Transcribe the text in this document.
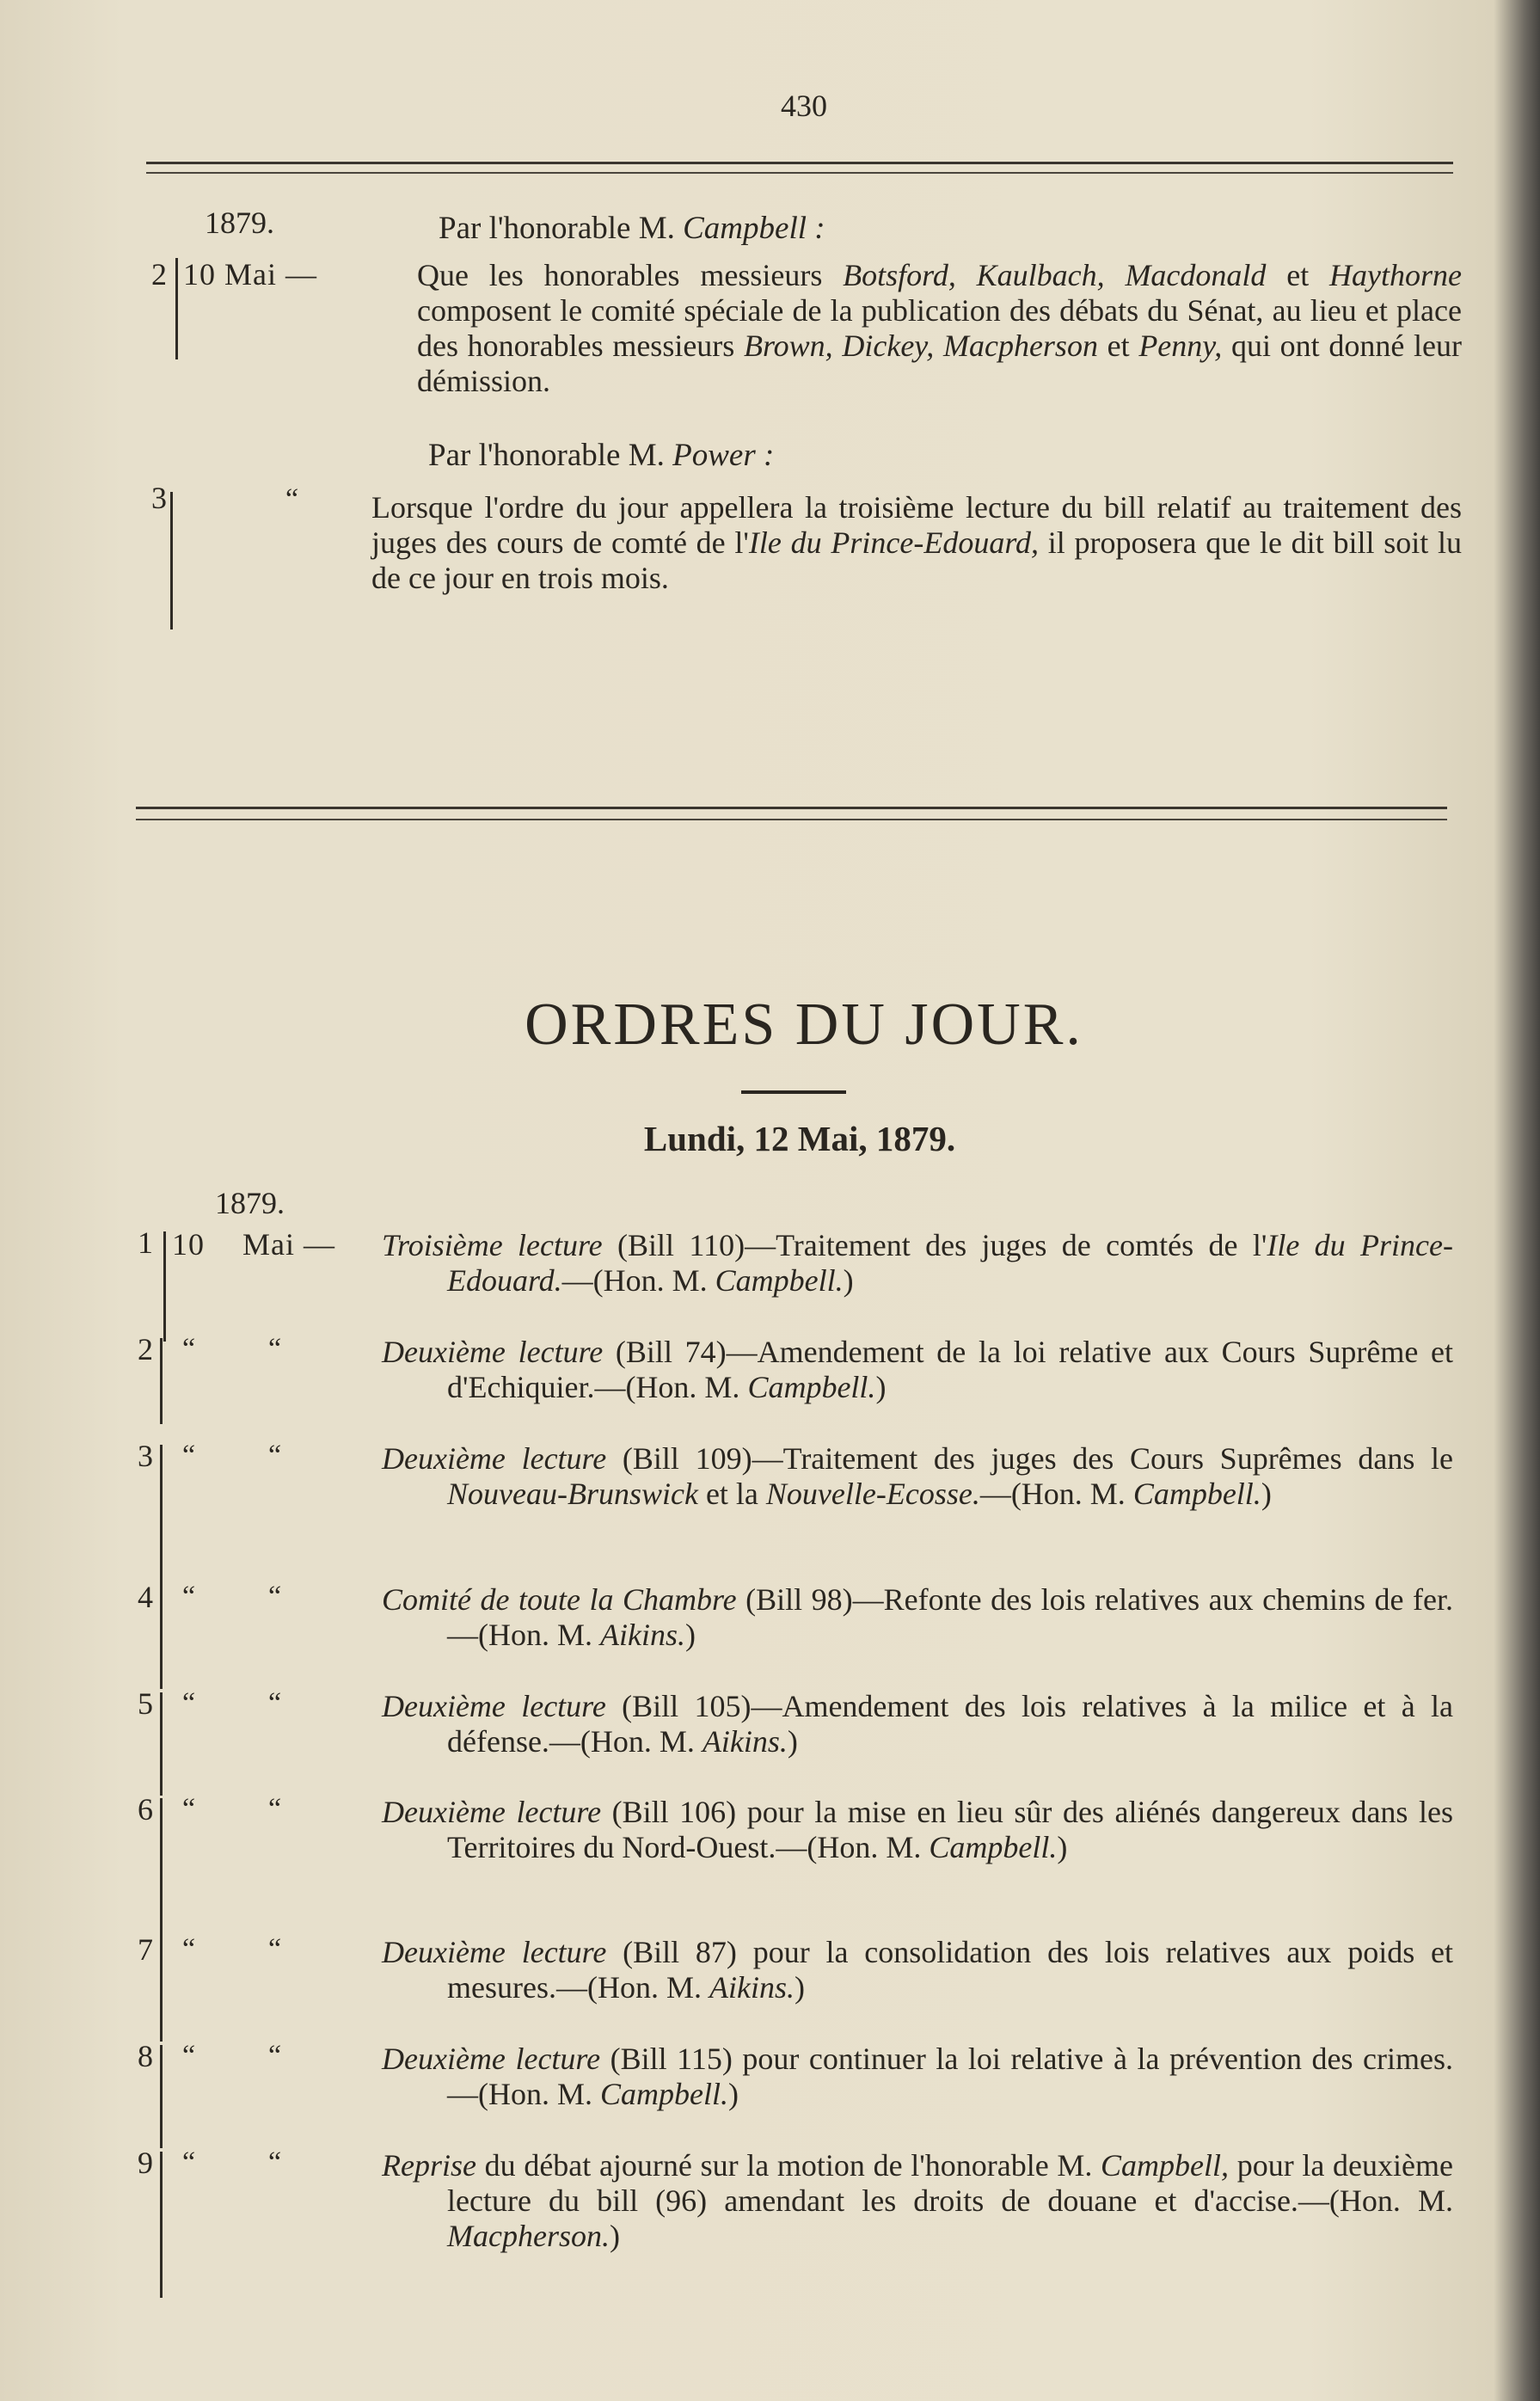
430
1879.	Par l'honorable M. Campbell :
2 10 Mai —	Que les honorables messieurs Botsford, Kaulbach, Macdonald et Haythorne composent le comité spéciale de la publication des débats du Sénat, au lieu et place des honorables messieurs Brown, Dickey, Macpherson et Penny, qui ont donné leur démission.
Par l'honorable M. Power :
3	“ Lorsque l'ordre du jour appellera la troisième lecture du bill relatif au traitement des juges des cours de comté de l'Ile du Prince-Edouard, il proposera que le dit bill soit lu de ce jour en trois mois.
ORDRES DU JOUR.
Lundi, 12 Mai, 1879.
1879.
1 10 Mai — Troisième lecture (Bill 110)—Traitement des juges de comtés de l'Ile du Prince-Edouard.—(Hon. M. Campbell.)
2 “ “	Deuxième lecture (Bill 74)—Amendement de la loi relative aux Cours Suprême et d'Echiquier.—(Hon. M. Campbell.)
3 “ “	Deuxième lecture (Bill 109)—Traitement des juges des Cours Suprêmes dans le Nouveau-Brunswick et la Nouvelle-Ecosse.—(Hon. M. Campbell.)
4 “ “	Comité de toute la Chambre (Bill 98)—Refonte des lois relatives aux chemins de fer.—(Hon. M. Aikins.)
5 “ “	Deuxième lecture (Bill 105)—Amendement des lois relatives à la milice et à la défense.—(Hon. M. Aikins.)
6 “ “	Deuxième lecture (Bill 106) pour la mise en lieu sûr des aliénés dangereux dans les Territoires du Nord-Ouest.—(Hon. M. Campbell.)
7 “ “	Deuxième lecture (Bill 87) pour la consolidation des lois relatives aux poids et mesures.—(Hon. M. Aikins.)
8 “ “	Deuxième lecture (Bill 115) pour continuer la loi relative à la prévention des crimes.—(Hon. M. Campbell.)
9 “ “	Reprise du débat ajourné sur la motion de l'honorable M. Campbell, pour la deuxième lecture du bill (96) amendant les droits de douane et d'accise.—(Hon. M. Macpherson.)
